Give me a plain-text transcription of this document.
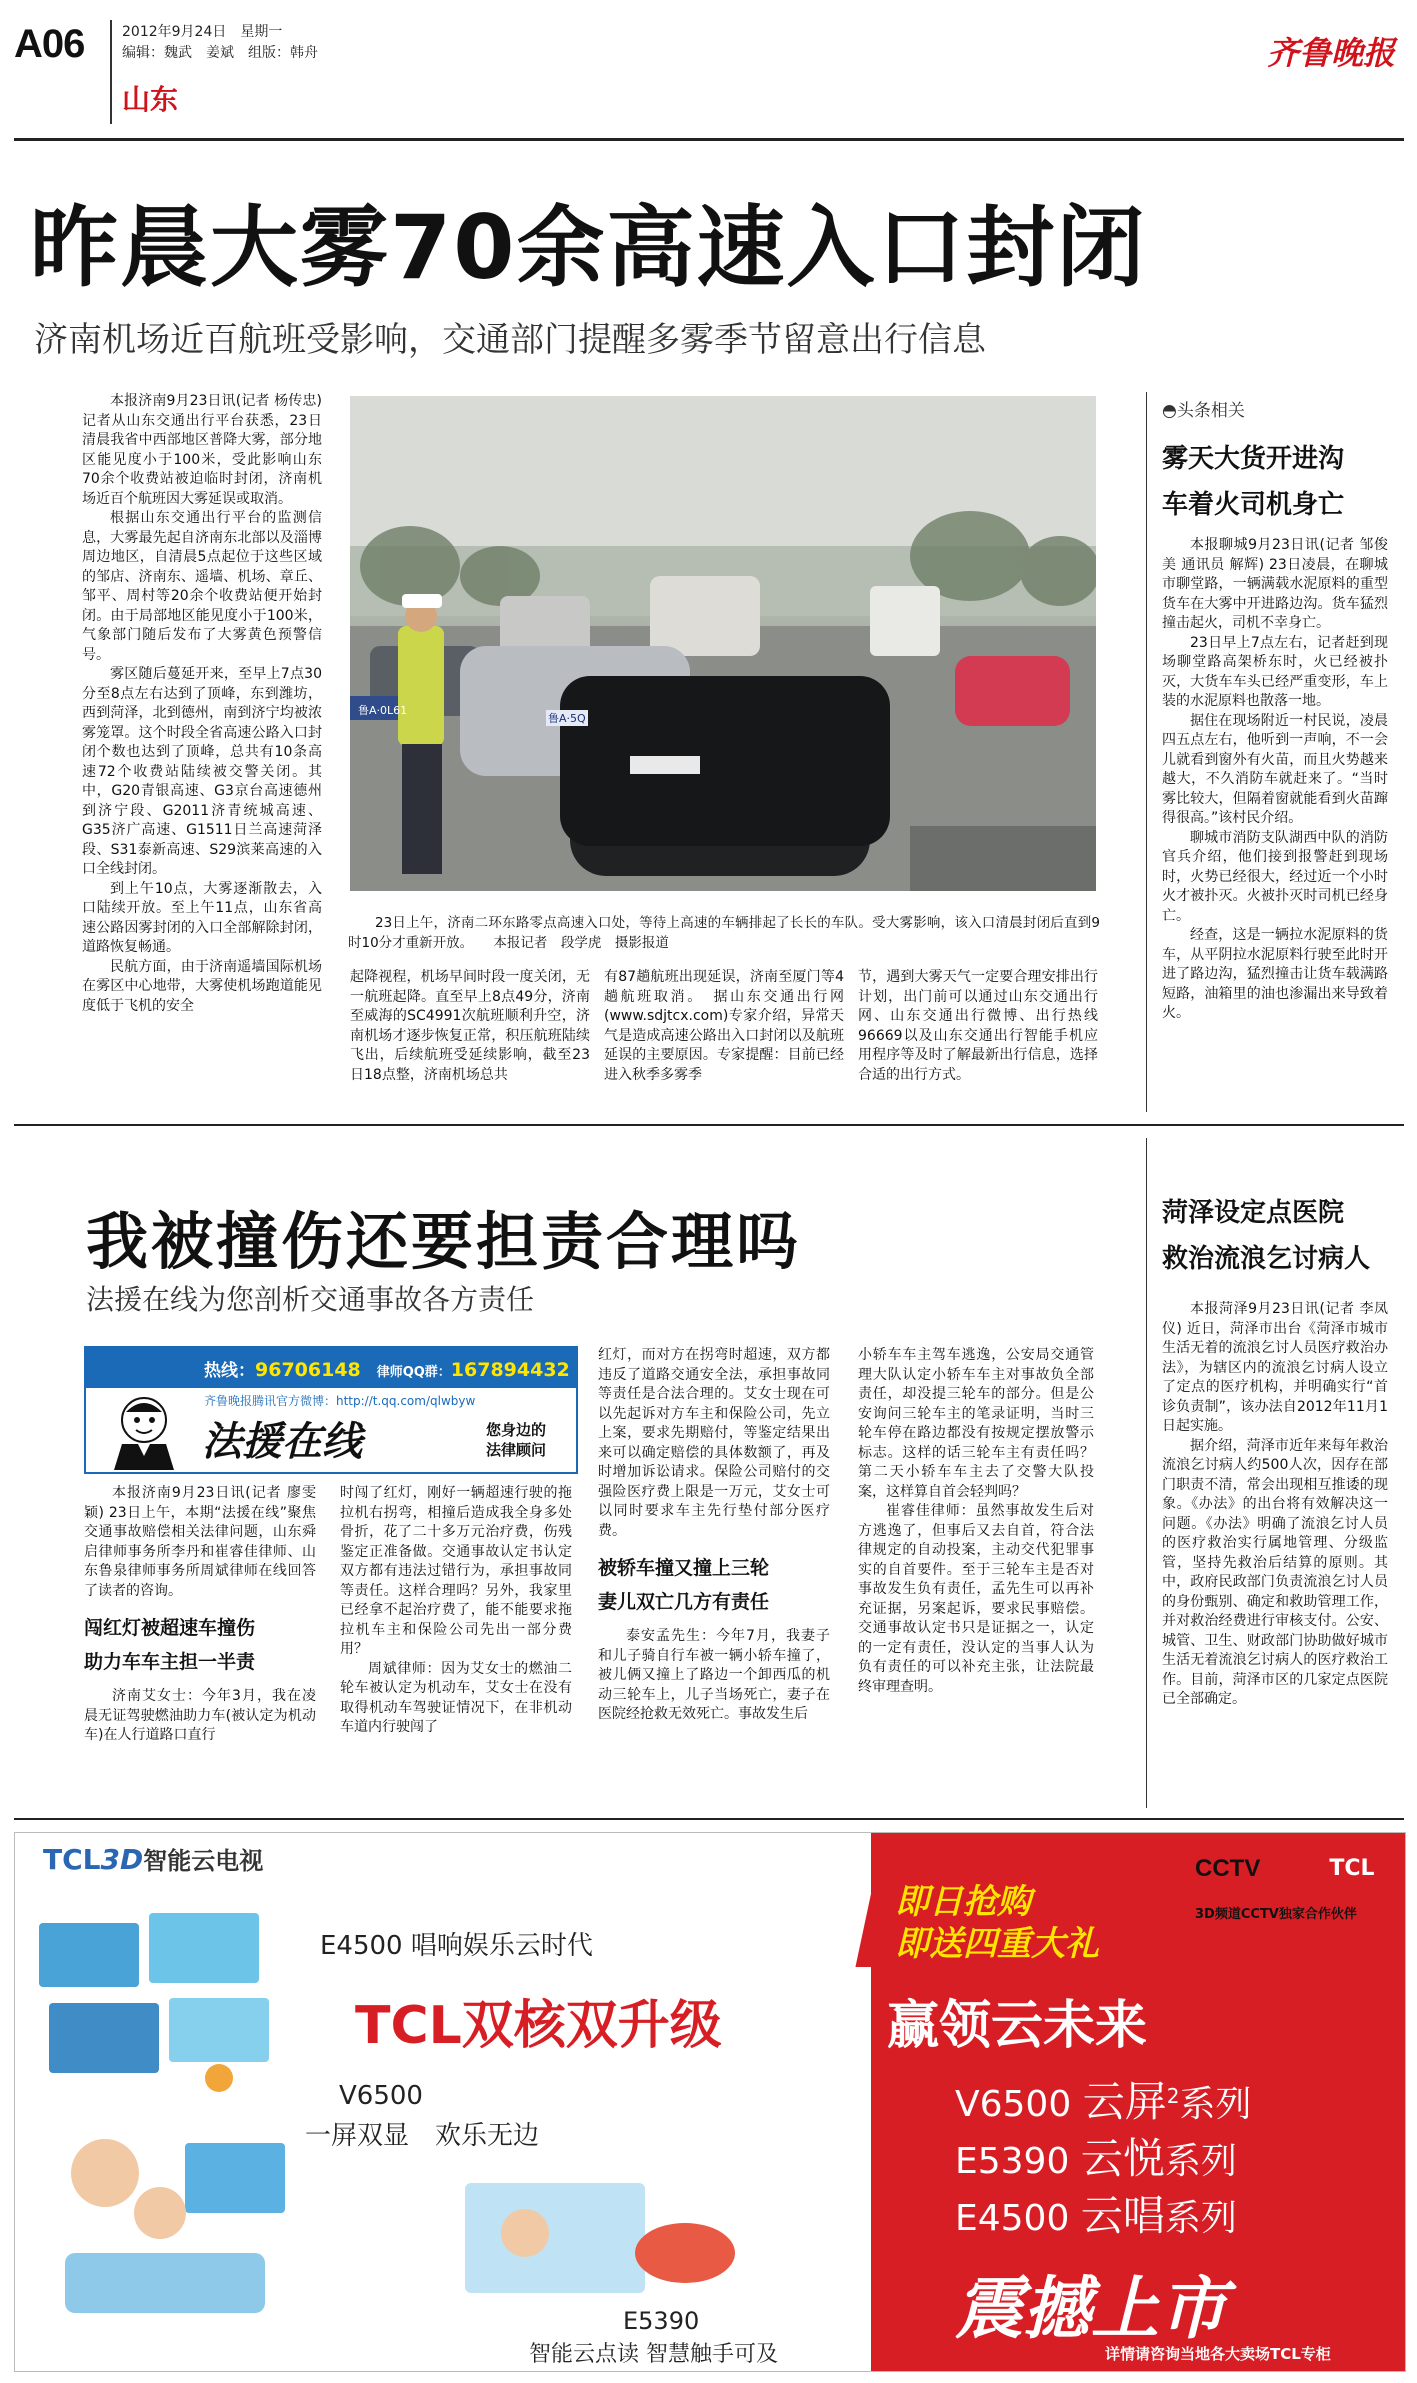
A06	2012年9月24日　星期一
编辑：魏武　姜斌　组版：韩舟
山东
齐鲁晚报
昨晨大雾70余高速入口封闭
济南机场近百航班受影响，交通部门提醒多雾季节留意出行信息

本报济南9月23日讯(记者 杨传忠) 记者从山东交通出行平台获悉，23日清晨我省中西部地区普降大雾，部分地区能见度小于100米，受此影响山东70余个收费站被迫临时封闭，济南机场近百个航班因大雾延误或取消。

根据山东交通出行平台的监测信息，大雾最先起自济南东北部以及淄博周边地区，自清晨5点起位于这些区域的邹店、济南东、遥墙、机场、章丘、邹平、周村等20余个收费站便开始封闭。由于局部地区能见度小于100米，气象部门随后发布了大雾黄色预警信号。

雾区随后蔓延开来，至早上7点30分至8点左右达到了顶峰，东到潍坊，西到菏泽，北到德州，南到济宁均被浓雾笼罩。这个时段全省高速公路入口封闭个数也达到了顶峰，总共有10条高速72个收费站陆续被交警关闭。其中，G20青银高速、G3京台高速德州到济宁段、G2011济青统城高速、G35济广高速、G1511日兰高速菏泽段、S31泰新高速、S29滨莱高速的入口全线封闭。

到上午10点，大雾逐渐散去，入口陆续开放。至上午11点，山东省高速公路因雾封闭的入口全部解除封闭，道路恢复畅通。

民航方面，由于济南遥墙国际机场在雾区中心地带，大雾使机场跑道能见度低于飞机的安全

鲁A·0L61
鲁A·5Q
23日上午，济南二环东路零点高速入口处，等待上高速的车辆排起了长长的车队。受大雾影响，该入口清晨封闭后直到9时10分才重新开放。　　本报记者　段学虎　摄影报道
起降视程，机场早间时段一度关闭，无一航班起降。直至早上8点49分，济南至威海的SC4991次航班顺利升空，济南机场才逐步恢复正常，积压航班陆续飞出，后续航班受延续影响，截至23日18点整，济南机场总共
有87趟航班出现延误，济南至厦门等4趟航班取消。　据山东交通出行网(www.sdjtcx.com)专家介绍，异常天气是造成高速公路出入口封闭以及航班延误的主要原因。专家提醒：目前已经进入秋季多雾季
节，遇到大雾天气一定要合理安排出行计划，出门前可以通过山东交通出行网、山东交通出行微博、出行热线96669以及山东交通出行智能手机应用程序等及时了解最新出行信息，选择合适的出行方式。
◓头条相关
雾天大货开进沟
车着火司机身亡

本报聊城9月23日讯(记者 邹俊美 通讯员 解辉) 23日凌晨，在聊城市聊堂路，一辆满载水泥原料的重型货车在大雾中开进路边沟。货车猛烈撞击起火，司机不幸身亡。

23日早上7点左右，记者赶到现场聊堂路高架桥东时，火已经被扑灭，大货车车头已经严重变形，车上装的水泥原料也散落一地。

据住在现场附近一村民说，凌晨四五点左右，他听到一声响，不一会儿就看到窗外有火苗，而且火势越来越大，不久消防车就赶来了。“当时雾比较大，但隔着窗就能看到火苗蹿得很高。”该村民介绍。

聊城市消防支队湖西中队的消防官兵介绍，他们接到报警赶到现场时，火势已经很大，经过近一个小时火才被扑灭。火被扑灭时司机已经身亡。

经查，这是一辆拉水泥原料的货车，从平阴拉水泥原料行驶至此时开进了路边沟，猛烈撞击让货车载满路短路，油箱里的油也渗漏出来导致着火。

我被撞伤还要担责合理吗
法援在线为您剖析交通事故各方责任
热线：96706148 律师QQ群：167894432
齐鲁晚报腾讯官方微博：http://t.qq.com/qlwbyw
法援在线	您身边的
法律顾问

本报济南9月23日讯(记者 廖雯颖) 23日上午，本期“法援在线”聚焦交通事故赔偿相关法律问题，山东舜启律师事务所李丹和崔睿佳律师、山东鲁泉律师事务所周斌律师在线回答了读者的咨询。

闯红灯被超速车撞伤
助力车车主担一半责

济南艾女士：今年3月，我在凌晨无证驾驶燃油助力车(被认定为机动车)在人行道路口直行

时闯了红灯，刚好一辆超速行驶的拖拉机右拐弯，相撞后造成我全身多处骨折，花了二十多万元治疗费，伤残鉴定正准备做。交通事故认定书认定双方都有违法过错行为，承担事故同等责任。这样合理吗？另外，我家里已经拿不起治疗费了，能不能要求拖拉机车主和保险公司先出一部分费用？

周斌律师：因为艾女士的燃油二轮车被认定为机动车，艾女士在没有取得机动车驾驶证情况下，在非机动车道内行驶闯了

红灯，而对方在拐弯时超速，双方都违反了道路交通安全法，承担事故同等责任是合法合理的。艾女士现在可以先起诉对方车主和保险公司，先立上案，要求先期赔付，等鉴定结果出来可以确定赔偿的具体数额了，再及时增加诉讼请求。保险公司赔付的交强险医疗费上限是一万元，艾女士可以同时要求车主先行垫付部分医疗费。

被轿车撞又撞上三轮
妻儿双亡几方有责任

泰安孟先生：今年7月，我妻子和儿子骑自行车被一辆小轿车撞了，被儿俩又撞上了路边一个卸西瓜的机动三轮车上，儿子当场死亡，妻子在医院经抢救无效死亡。事故发生后

小轿车车主驾车逃逸，公安局交通管理大队认定小轿车车主对事故负全部责任，却没提三轮车的部分。但是公安询问三轮车主的笔录证明，当时三轮车停在路边都没有按规定摆放警示标志。这样的话三轮车主有责任吗？第二天小轿车车主去了交警大队投案，这样算自首会轻判吗？

崔睿佳律师：虽然事故发生后对方逃逸了，但事后又去自首，符合法律规定的自动投案，主动交代犯罪事实的自首要件。至于三轮车主是否对事故发生负有责任，孟先生可以再补充证据，另案起诉，要求民事赔偿。交通事故认定书只是证据之一，认定的一定有责任，没认定的当事人认为负有责任的可以补充主张，让法院最终审理查明。

菏泽设定点医院
救治流浪乞讨病人

本报菏泽9月23日讯(记者 李凤仪) 近日，菏泽市出台《菏泽市城市生活无着的流浪乞讨人员医疗救治办法》，为辖区内的流浪乞讨病人设立了定点的医疗机构，并明确实行“首诊负责制”，该办法自2012年11月1日起实施。

据介绍，菏泽市近年来每年救治流浪乞讨病人约500人次，因存在部门职责不清，常会出现相互推诿的现象。《办法》的出台将有效解决这一问题。《办法》明确了流浪乞讨人员的医疗救治实行属地管理、分级监管，坚持先救治后结算的原则。其中，政府民政部门负责流浪乞讨人员的身份甄别、确定和救助管理工作，并对救治经费进行审核支付。公安、城管、卫生、财政部门协助做好城市生活无着流浪乞讨病人的医疗救治工作。目前，菏泽市区的几家定点医院已全部确定。

TCL3D智能云电视
E4500 唱响娱乐云时代
TCL双核双升级	赢领云未来
即日抢购
即送四重大礼
CCTV	TCL
3D频道CCTV独家合作伙伴
V6500
一屏双显　欢乐无边
E5390
智能云点读 智慧触手可及
V6500 云屏$^2$系列
E5390 云悦系列
E4500 云唱系列
震撼上市
详情请咨询当地各大卖场TCL专柜
